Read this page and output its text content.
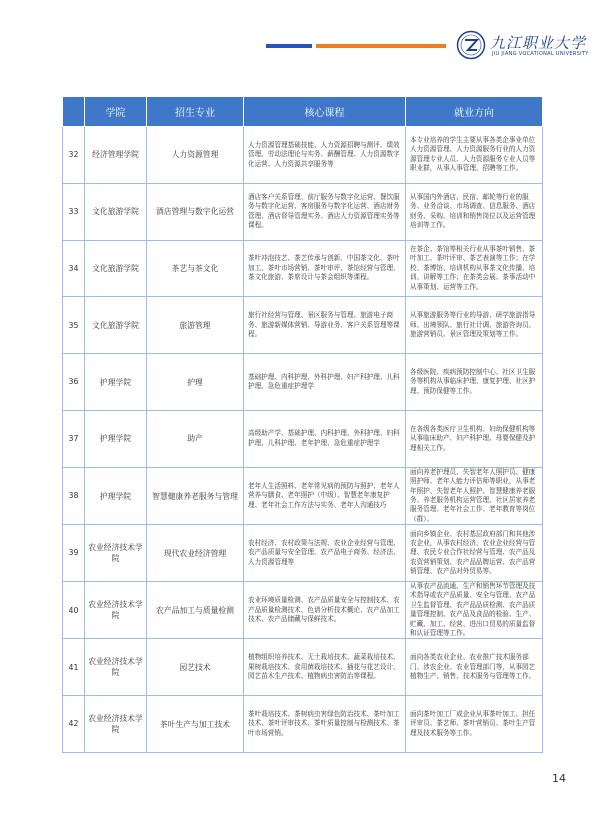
九江职业大学
JIU JIANG VOCATIONAL UNIVERSITY
	学院	招生专业	核心课程	就业方向
32	经济管理学院	人力资源管理	人力资源管理基础技能、人力资源招聘与测评、绩效管理、劳动法理论与实务、薪酬管理、人力资源数字化运营、人力资源共享服务等	本专业培养的学生主要从事各类企事业单位人力资源管理、人力资源服务行业的人力资源管理专业人员、人力资源服务专业人员等职业群，从事人事管理、招聘等工作。
33	文化旅游学院	酒店管理与数字化运营	酒店客户关系管理、前厅服务与数字化运营、餐饮服务与数字化运营、客房服务与数字化运营、酒店财务管理、酒店督导管理实务、酒店人力资源管理实务等课程。	从事国内外酒店、民宿、邮轮等行业的服务、业务洽谈、市场调查、信息服务、酒店财务、采购、培训和销售岗位以及运营管理培训等工作。
34	文化旅游学院	茶艺与茶文化	茶叶冲泡技艺、茶艺传承与创新、中国茶文化、茶叶加工、茶叶市场营销、茶叶审评、茶馆经营与管理、茶文化旅游、茶席设计与茶会组织等课程。	在茶企、茶馆等相关行业从事茶叶销售、茶叶加工、茶叶评审、茶艺表演等工作；在学校、茶博馆、培训机构从事茶文化传播、培训、讲解等工作；在茶类会展、茶事活动中从事策划、运营等工作。
35	文化旅游学院	旅游管理	旅行社经营与管理、景区服务与管理、旅游电子商务、旅游新媒体营销、导游业务、客户关系管理等课程。	从事旅游服务等行业的导游、研学旅游指导师、出境领队、旅行社计调、旅游咨询员、旅游营销员、景区管理及策划等工作。
36	护理学院	护理	基础护理、内科护理、外科护理、妇产科护理、儿科护理、急危重症护理学	各级医院、疾病预防控制中心、社区卫生服务等机构从事临床护理、康复护理、社区护理、预防保健等工作。
37	护理学院	助产	高级助产学、基础护理、内科护理、外科护理、妇科护理、儿科护理、老年护理、急危重症护理学	在各级各类医疗卫生机构、妇幼保健机构等从事临床助产、妇产科护理、母婴保健及护理相关工作。
38	护理学院	智慧健康养老服务与管理	老年人生活照料、老年常见病的预防与照护、老年人营养与膳食、老年照护（中级）、智慧老年康复护理、老年社会工作方法与实务、老年人沟通技巧	面向养老护理员、失智老年人照护员、健康照护师、老年人能力评估师等职业，从事老年照护、失智老年人照护、智慧健康养老服务、养老服务机构运营管理、社区居家养老服务管理、老年社会工作、老年教育等岗位（群）。
39	农业经济技术学院	现代农业经济管理	农村经济、农村政策与法规、农业企业经营与管理、农产品质量与安全管理、农产品电子商务、经济法、人力资源管理等	面向乡镇企业、农村基层政府部门和其他涉农企业，从事农村经济、农业企业经营与管理、农民专业合作社经营与管理、农产品及农资营销策划、农产品品牌运营、农产品营销管理、农产品对外贸易等。
40	农业经济技术学院	农产品加工与质量检测	农业环境质量检测、农产品质量安全与控制技术、农产品质量检测技术、色谱分析技术概论、农产品加工技术、农产品储藏与保鲜技术。	从事农产品流通、生产和销售环节管理及技术指导或农产品质量、安全与管理、农产品卫生监督管理、农产品品质检测、农产品质量管理控制、农产品及食品的检验、生产、贮藏、加工、经营、进出口贸易的质量监督和认证管理等工作。
41	农业经济技术学院	园艺技术	植物组织培养技术、无土栽培技术、蔬菜栽培技术、果树栽培技术、食用菌栽培技术、插花与花艺设计、园艺苗木生产技术、植物病虫害防治等课程。	面向各类农业企业、农业推广技术服务部门、涉农企业、农业管理部门等，从事园艺植物生产、销售、技术服务与管理等工作。
42	农业经济技术学院	茶叶生产与加工技术	茶叶栽培技术、茶树病虫害绿色防治技术、茶叶加工技术、茶叶评审技术、茶叶质量控制与检测技术、茶叶市场营销。	面向茶叶加工厂或企业从事茶叶加工、担任评审员、茶艺师、茶叶营销员、茶叶生产管理及技术服务等工作。
14
